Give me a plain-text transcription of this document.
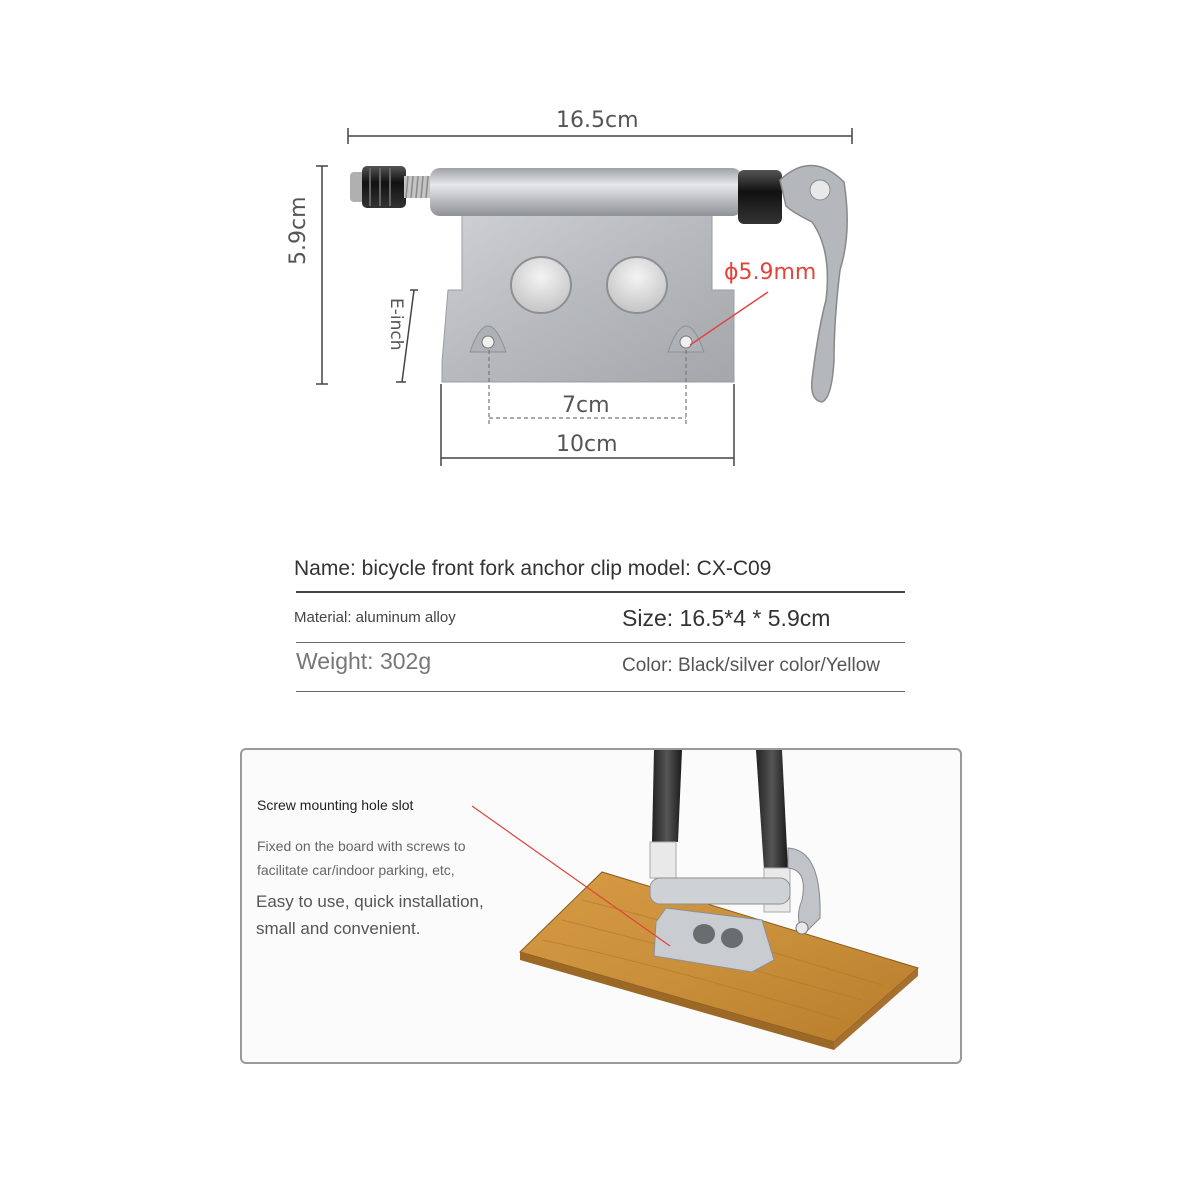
16.5cm
5.9cm
E-inch
ϕ5.9mm
7cm
10cm
Name: bicycle front fork anchor clip model: CX-C09
Material: aluminum alloy	Size: 16.5*4 * 5.9cm
Weight: 302g	Color: Black/silver color/Yellow
Screw mounting hole slot
Fixed on the board with screws to
facilitate car/indoor parking, etc,
Easy to use, quick installation,
small and convenient.
